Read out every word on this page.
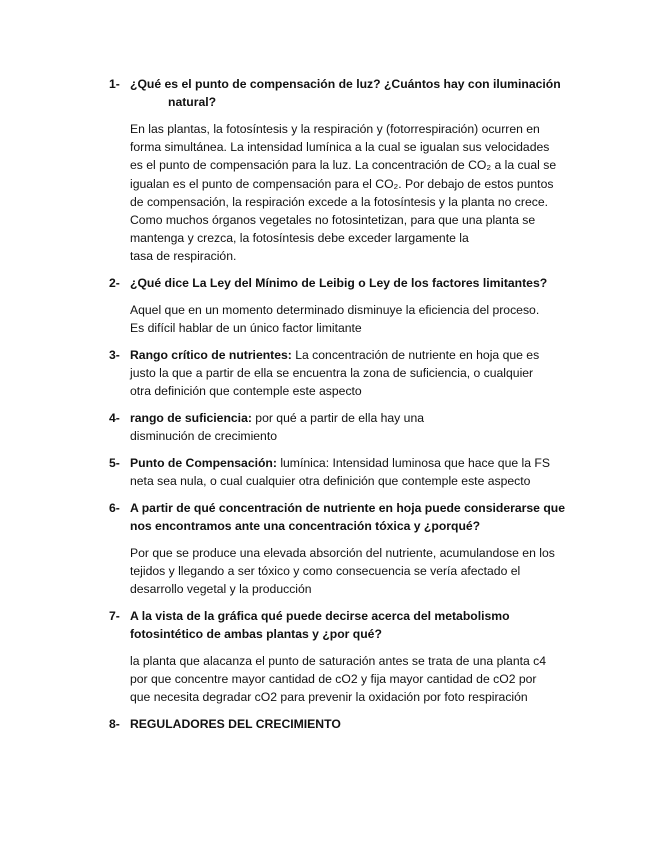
1- ¿Qué es el punto de compensación de luz? ¿Cuántos hay con iluminación
natural?

En las plantas, la fotosíntesis y la respiración y (fotorrespiración) ocurren en

forma simultánea. La intensidad lumínica a la cual se igualan sus velocidades

es el punto de compensación para la luz. La concentración de CO₂ a la cual se

igualan es el punto de compensación para el CO₂. Por debajo de estos puntos

de compensación, la respiración excede a la fotosíntesis y la planta no crece.

Como muchos órganos vegetales no fotosintetizan, para que una planta se

mantenga y crezca, la fotosíntesis debe exceder largamente la

tasa de respiración.

2- ¿Qué dice La Ley del Mínimo de Leibig o Ley de los factores limitantes?

Aquel que en un momento determinado disminuye la eficiencia del proceso.

Es difícil hablar de un único factor limitante

3- Rango crítico de nutrientes: La concentración de nutriente en hoja que es

justo la que a partir de ella se encuentra la zona de suficiencia, o cualquier

otra definición que contemple este aspecto

4- rango de suficiencia: por qué a partir de ella hay una

disminución de crecimiento

5- Punto de Compensación: lumínica: Intensidad luminosa que hace que la FS

neta sea nula, o cual cualquier otra definición que contemple este aspecto

6- A partir de qué concentración de nutriente en hoja puede considerarse que

nos encontramos ante una concentración tóxica y ¿porqué?

Por que se produce una elevada absorción del nutriente, acumulandose en los

tejidos y llegando a ser tóxico y como consecuencia se vería afectado el

desarrollo vegetal y la producción

7- A la vista de la gráfica qué puede decirse acerca del metabolismo

fotosintético de ambas plantas y ¿por qué?

la planta que alacanza el punto de saturación antes se trata de una planta c4

por que concentre mayor cantidad de cO2 y fija mayor cantidad de cO2 por

que necesita degradar cO2 para prevenir la oxidación por foto respiración

8- REGULADORES DEL CRECIMIENTO
